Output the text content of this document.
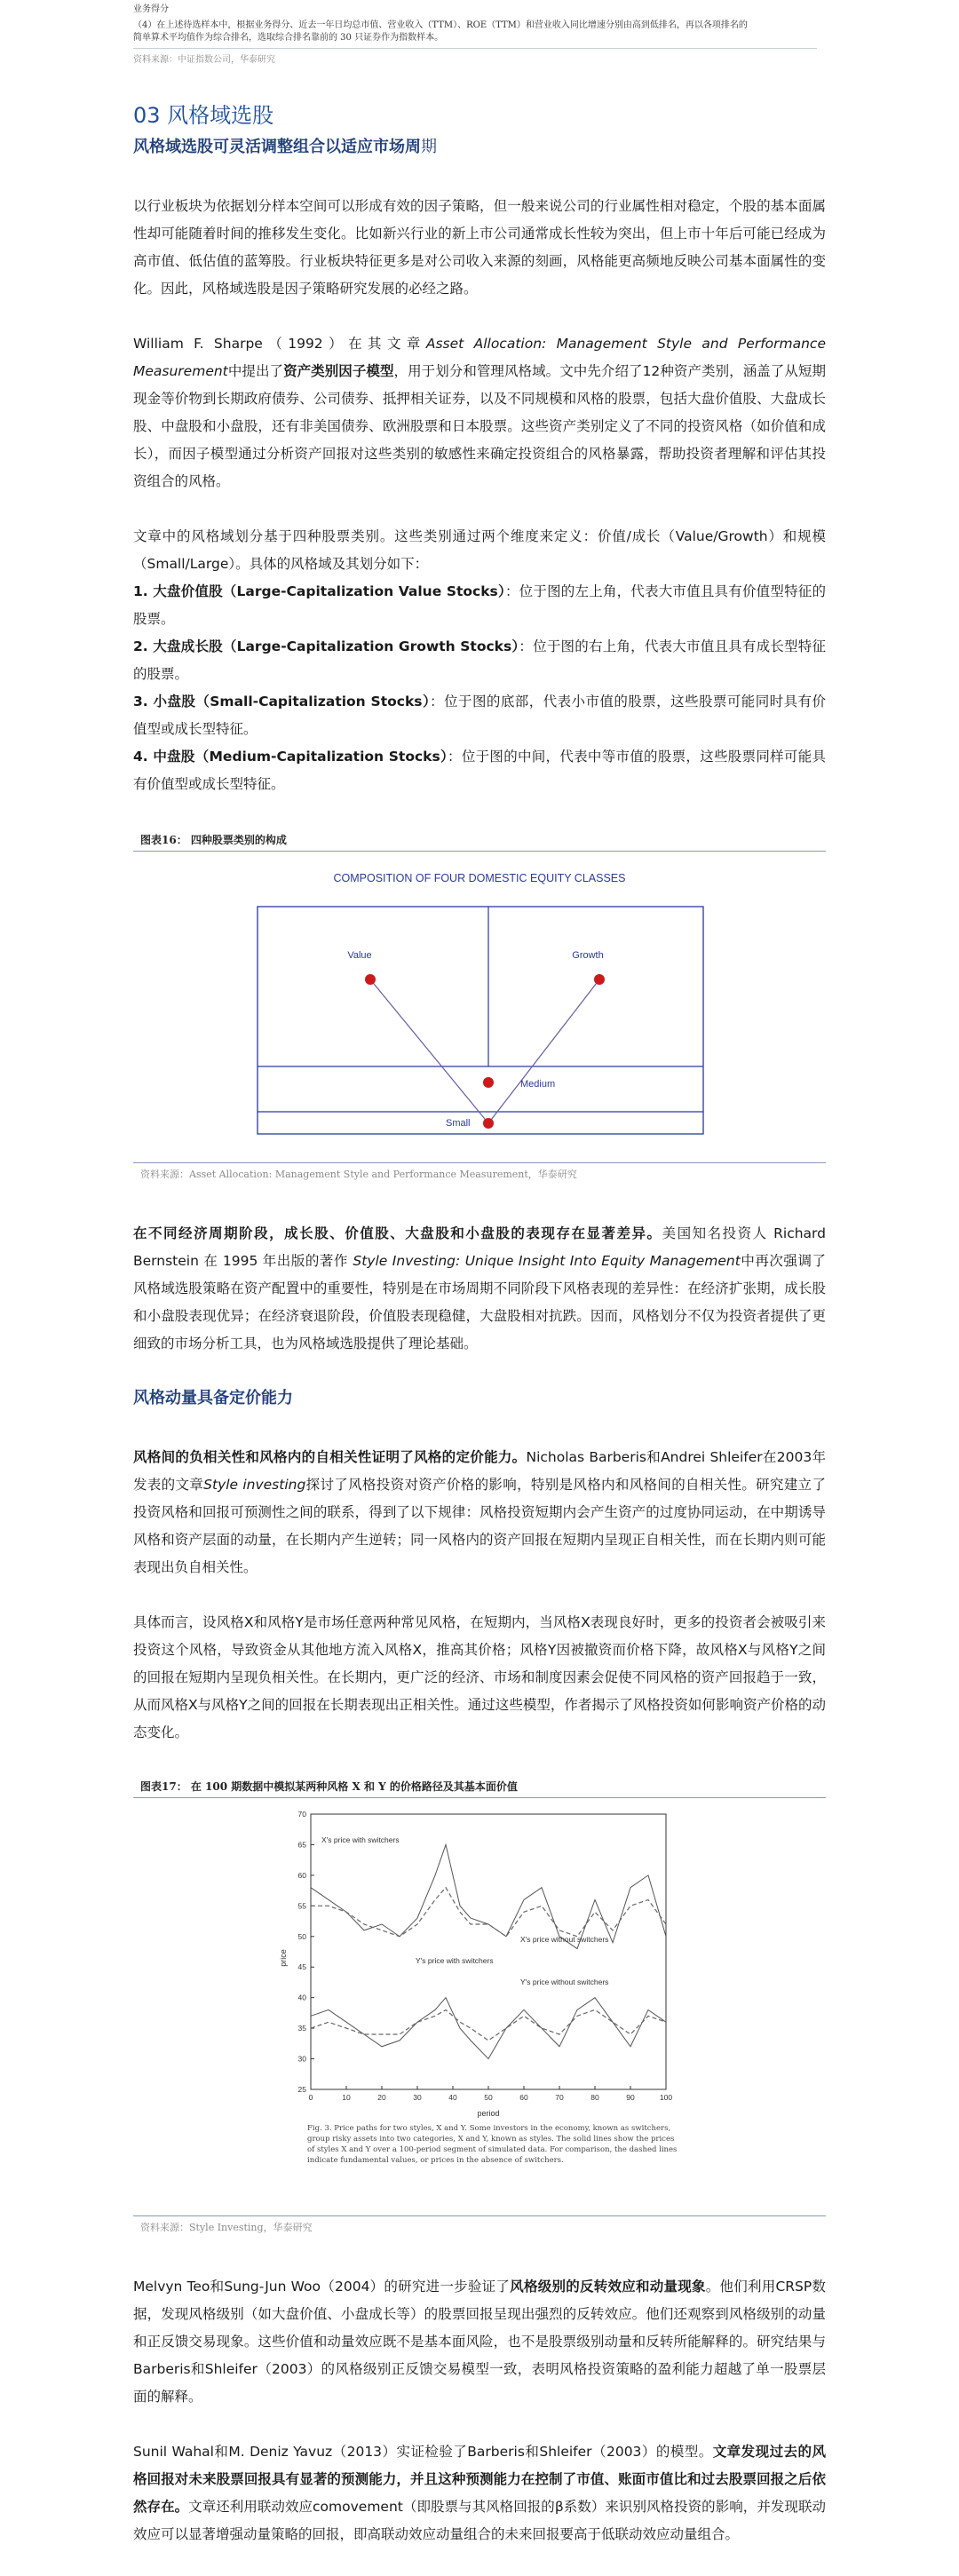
业务得分
（4）在上述待选样本中，根据业务得分、近去一年日均总市值、营业收入（TTM）、ROE（TTM）和营业收入同比增速分别由高到低排名，再以各项排名的
简单算术平均值作为综合排名，选取综合排名靠前的 30 只证券作为指数样本。
资料来源：中证指数公司，华泰研究
03 风格域选股
风格域选股可灵活调整组合以适应市场周期

以行业板块为依据划分样本空间可以形成有效的因子策略，但一般来说公司的行业属性相对稳定，个股的基本面属性却可能随着时间的推移发生变化。比如新兴行业的新上市公司通常成长性较为突出，但上市十年后可能已经成为高市值、低估值的蓝筹股。行业板块特征更多是对公司收入来源的刻画，风格能更高频地反映公司基本面属性的变化。因此，风格域选股是因子策略研究发展的必经之路。

William F. Sharpe（1992）在其文章Asset Allocation: Management Style and Performance Measurement中提出了资产类别因子模型，用于划分和管理风格域。文中先介绍了12种资产类别，涵盖了从短期现金等价物到长期政府债券、公司债券、抵押相关证券，以及不同规模和风格的股票，包括大盘价值股、大盘成长股、中盘股和小盘股，还有非美国债券、欧洲股票和日本股票。这些资产类别定义了不同的投资风格（如价值和成长），而因子模型通过分析资产回报对这些类别的敏感性来确定投资组合的风格暴露，帮助投资者理解和评估其投资组合的风格。

文章中的风格域划分基于四种股票类别。这些类别通过两个维度来定义：价值/成长（Value/Growth）和规模（Small/Large）。具体的风格域及其划分如下：

1. 大盘价值股（Large-Capitalization Value Stocks）：位于图的左上角，代表大市值且具有价值型特征的股票。

2. 大盘成长股（Large-Capitalization Growth Stocks）：位于图的右上角，代表大市值且具有成长型特征的股票。

3. 小盘股（Small-Capitalization Stocks）：位于图的底部，代表小市值的股票，这些股票可能同时具有价值型或成长型特征。

4. 中盘股（Medium-Capitalization Stocks）：位于图的中间，代表中等市值的股票，这些股票同样可能具有价值型或成长型特征。

图表16： 四种股票类别的构成
COMPOSITION OF FOUR DOMESTIC EQUITY CLASSES
Value	Growth
Medium
Small
资料来源：Asset Allocation: Management Style and Performance Measurement，华泰研究

在不同经济周期阶段，成长股、价值股、大盘股和小盘股的表现存在显著差异。美国知名投资人 Richard Bernstein 在 1995 年出版的著作 Style Investing: Unique Insight Into Equity Management中再次强调了风格域选股策略在资产配置中的重要性，特别是在市场周期不同阶段下风格表现的差异性：在经济扩张期，成长股和小盘股表现优异；在经济衰退阶段，价值股表现稳健，大盘股相对抗跌。因而，风格划分不仅为投资者提供了更细致的市场分析工具，也为风格域选股提供了理论基础。

风格动量具备定价能力

风格间的负相关性和风格内的自相关性证明了风格的定价能力。Nicholas Barberis和Andrei Shleifer在2003年发表的文章Style investing探讨了风格投资对资产价格的影响，特别是风格内和风格间的自相关性。研究建立了投资风格和回报可预测性之间的联系，得到了以下规律：风格投资短期内会产生资产的过度协同运动，在中期诱导风格和资产层面的动量，在长期内产生逆转；同一风格内的资产回报在短期内呈现正自相关性，而在长期内则可能表现出负自相关性。

具体而言，设风格X和风格Y是市场任意两种常见风格，在短期内，当风格X表现良好时，更多的投资者会被吸引来投资这个风格，导致资金从其他地方流入风格X，推高其价格；风格Y因被撤资而价格下降，故风格X与风格Y之间的回报在短期内呈现负相关性。在长期内，更广泛的经济、市场和制度因素会促使不同风格的资产回报趋于一致，从而风格X与风格Y之间的回报在长期表现出正相关性。通过这些模型，作者揭示了风格投资如何影响资产价格的动态变化。

图表17： 在 100 期数据中模拟某两种风格 X 和 Y 的价格路径及其基本面价值
0	10	20	30	40	50	60	70	80	90	100
25
30
35
40
45
50
55
60
65
70
price
period
X's price with switchers
X's price without switchers
Y's price with switchers
Y's price without switchers
Fig. 3. Price paths for two styles, X and Y. Some investors in the economy, known as switchers, group risky assets into two categories, X and Y, known as styles. The solid lines show the prices of styles X and Y over a 100-period segment of simulated data. For comparison, the dashed lines indicate fundamental values, or prices in the absence of switchers.
资料来源：Style Investing，华泰研究

Melvyn Teo和Sung-Jun Woo（2004）的研究进一步验证了风格级别的反转效应和动量现象。他们利用CRSP数据，发现风格级别（如大盘价值、小盘成长等）的股票回报呈现出强烈的反转效应。他们还观察到风格级别的动量和正反馈交易现象。这些价值和动量效应既不是基本面风险，也不是股票级别动量和反转所能解释的。研究结果与Barberis和Shleifer（2003）的风格级别正反馈交易模型一致，表明风格投资策略的盈利能力超越了单一股票层面的解释。

Sunil Wahal和M. Deniz Yavuz（2013）实证检验了Barberis和Shleifer（2003）的模型。文章发现过去的风格回报对未来股票回报具有显著的预测能力，并且这种预测能力在控制了市值、账面市值比和过去股票回报之后依然存在。文章还利用联动效应comovement（即股票与其风格回报的β系数）来识别风格投资的影响，并发现联动效应可以显著增强动量策略的回报，即高联动效应动量组合的未来回报要高于低联动效应动量组合。
